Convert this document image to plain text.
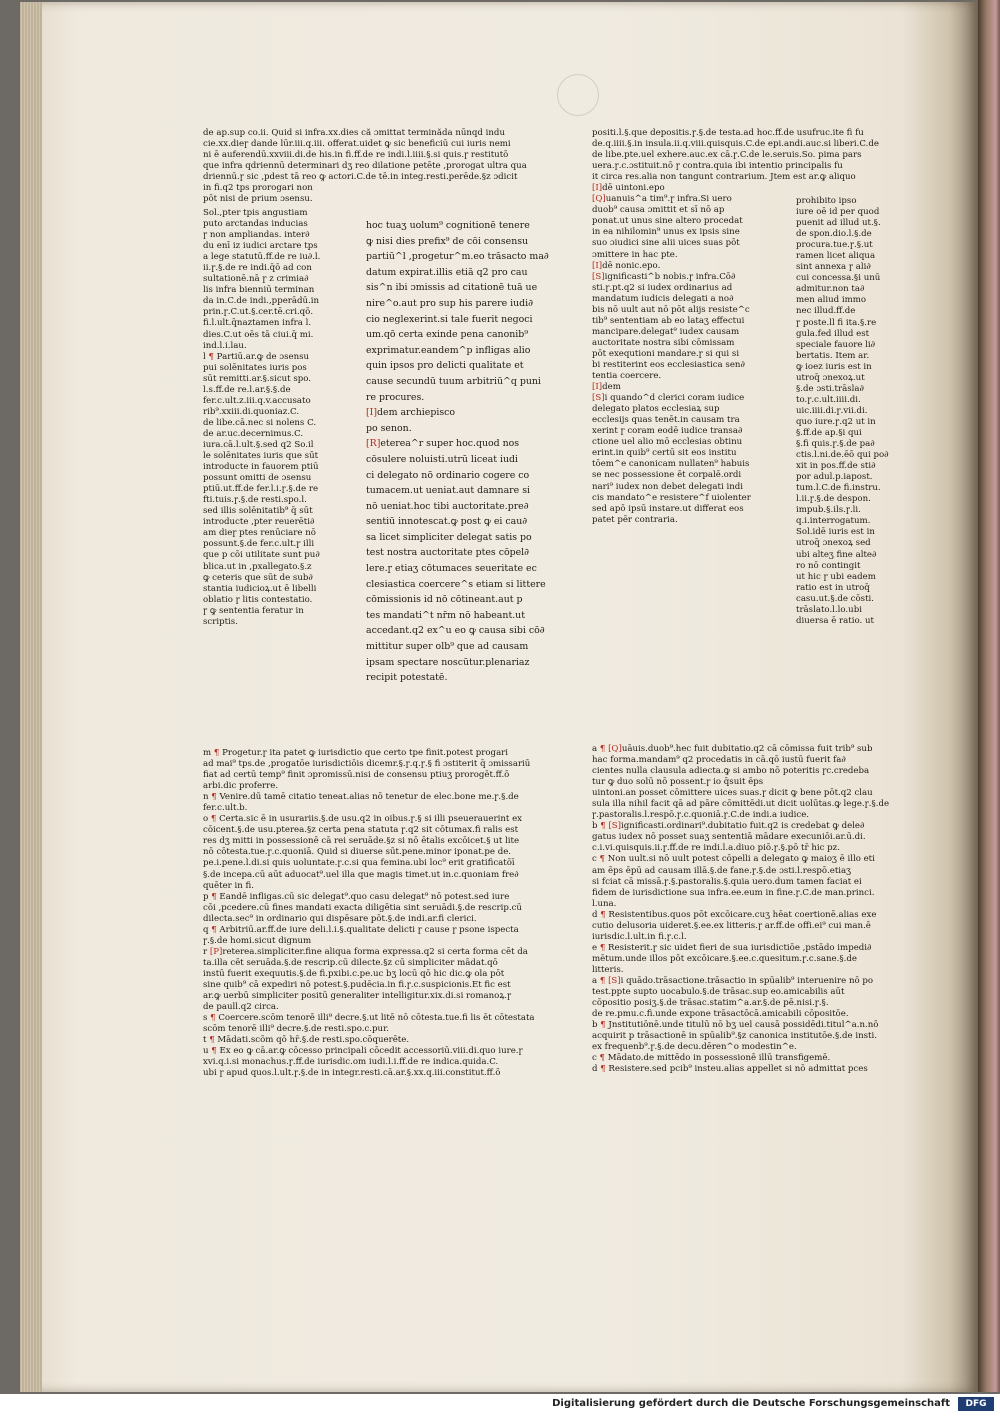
de ap.sup co.ii. Quid si infra.xx.dies că ɔmittat terminăda nūnqd indu

cie.xx.dieɼ dande lūr.iii.q.iii. offerat.uidet ꝙ sic beneficiū cui iuris nemi

ni ē auferendū.xxviii.di.de his.in fi.ff.de re indi.l.iiii.§.si quis.ɼ restitutō

que infra qdriennū determinari dʒ reo dilatione petēte ,prorogat ultra qua

driennū.ɼ sic ,pdest tā reo ꝙ actori.C.de tē.in integ.resti.perēde.§z ɔdicit

in fi.q2 tps prorogari non

pōt nisi de prium ɔsensu.

Sol.,pter tpis angustiam

puto arctandas inducias

ɼ non ampliandas. inter∂

du enī iz iudici arctare tps

a lege statutū.ff.de re iu∂.l.

ii.ɼ.§.de re indi.q̄ō ad con

sultationē.nā ɼ z crimia∂

lis infra bienniū terminan

da in.C.de indi.,pperādū.in

prin.ɼ.C.ut.§.cer.tē.cri.qō.

fi.l.ult.q̄naztamen infra l.

dies.C.ut oēs tā ciui.q̄ mi.

ind.l.i.lau.

l ¶ Partiū.ar.ꝙ de ɔsensu

pui solēnitates iuris pos

sūt remitti.ar.§.sicut spo.

l.s.ff.de re.l.ar.§.§.de

fer.c.ult.z.iii.q.v.accusato

rib⁹.xxiii.di.quoniaz.C.

de libe.cā.nec si nolens C.

de ar.uc.decernimus.C.

iura.cā.l.ult.§.sed q2 So.il

le solēnitates iuris que sūt

introducte in fauorem ptiū

possunt omitti de ɔsensu

ptiū.ut.ff.de fer.l.i.ɼ.§.de re

fti.tuis.ɼ.§.de resti.spo.l.

sed illis solēnitatib⁹ q̄ sūt

introducte ,pter reuerēti∂

am dieɼ ptes renūciare nō

possunt.§.de fer.c.ult.ɼ illi

que p cōi utilitate sunt pu∂

blica.ut in ,pxallegato.§.z

ꝙ ceteris que sūt de sub∂

stantia iudicioꝝ.ut ē libelli

oblatio ɼ litis contestatio.

ɼ ꝙ sententia feratur in

scriptis.

hoc tuaʒ uolum⁹ cognitionē tenere

ꝙ nisi dies prefix⁹ de cōi consensu

partiū^l ,progetur^m.eo trāsacto ma∂

datum expirat.illis etiā q2 pro cau

sis^n ibi ɔmissis ad citationē tuā ue

nire^o.aut pro sup his parere iudi∂

cio neglexerint.si tale fuerit negoci

um.qō certa exinde pena canonib⁹

exprimatur.eandem^p infligas alio

quin ipsos pro delicti qualitate et

cause secundū tuum arbitriū^q puni

re procures.

[I]dem archiepisco

po senon.

[R]eterea^r super hoc.quod nos

cōsulere noluisti.utrū liceat iudi

ci delegato nō ordinario cogere co

tumacem.ut ueniat.aut damnare si

nō ueniat.hoc tibi auctoritate.pre∂

sentiū innotescat.ꝙ post ꝙ ei cau∂

sa licet simpliciter delegat satis po

test nostra auctoritate ptes cōpel∂

lere.ɼ etiaʒ cōtumaces seueritate ec

clesiastica coercere^s etiam si littere

cōmissionis id nō cōtineant.aut p

tes mandati^t nr̄m nō habeant.ut

accedant.q2 ex^u eo ꝙ causa sibi cō∂

mittitur super olb⁹ que ad causam

ipsam spectare noscūtur.plenariaz

recipit potestatē.

positi.l.§.que depositis.ɼ.§.de testa.ad hoc.ff.de usufruc.ite fi fu

de.q.iiii.§.in insula.ii.q.viii.quisquis.C.de epi.andi.auc.si liberi.C.de

de libe.pte.uel exhere.auc.ex cā.ɼ.C.de le.seruis.So. pima pars

uera.ɼ.c.ɔstituit.nō ɼ contra.quia ibi intentio principalis fu

it circa res.alia non tangunt contrarium. Jtem est ar.ꝙ aliquo

[I]dē uintoni.epo

[Q]uanuis^a tim⁹.ɼ infra.Si uero

duob⁹ causa ɔmittit et sī nō ap

ponat.ut unus sine altero procedat

in ea nihilomin⁹ unus ex ipsis sine

suo ɔiudici sine alii uices suas pōt

ɔmittere in hac pte.

[I]dē nonic.epo.

[S]ignificasti^b nobis.ɼ infra.Cō∂

sti.ɼ.pt.q2 si iudex ordinarius ad

mandatum iudicis delegati a no∂

bis nō uult aut nō pōt alijs resiste^c

tib⁹ sententiam ab eo lataʒ effectui

mancipare.delegat⁹ iudex causam

auctoritate nostra sibi cōmissam

pōt exequtioni mandare.ɼ si qui si

bi restiterint eos ecclesiastica sen∂

tentia coercere.

[I]dem

[S]i quando^d clerici coram iudice

delegato platos ecclesiaꝝ sup

ecclesijs quas tenēt.in causam tra

xerint ɼ coram eodē iudice transa∂

ctione uel alio mō ecclesias obtinu

erint.in quib⁹ certū sit eos institu

tōem^e canonicam nullaten⁹ habuis

se nec possessione ēt corpalē.ordi

nari⁹ iudex non debet delegati indi

cis mandato^e resistere^f uiolenter

sed apō ipsū instare.ut differat eos

patet pēr contraria.

prohibito ipso

iure oē id per quod

puenit ad illud ut.§.

de spon.dio.l.§.de

procura.tue.ɼ.§.ut

ramen licet aliqua

sint annexa ɼ ali∂

cui concessa.§i unū

admitur.non ta∂

men aliud immo

nec illud.ff.de

ɼ poste.ll fi ita.§.re

gula.fed illud est

speciale fauore li∂

bertatis. Item ar.

ꝙ ioez iuris est in

utroq̄ ɔnexoꝝ.ut

§.de ɔsti.trāsla∂

to.ɼ.c.ult.iiii.di.

uic.iiii.di.ɼ.vii.di.

quo iure.ɼ.q2 ut in

§.ff.de ap.§i qui

§.fi quis.ɼ.§.de pa∂

ctis.l.ni.de.ēō qui po∂

xit in pos.ff.de sti∂

por adul.p.iapost.

tum.l.C.de fi.instru.

l.ii.ɼ.§.de despon.

impub.§.ils.ɼ.li.

q.i.interrogatum.

Sol.idē iuris est in

utroq̄ ɔnexoꝝ sed

ubi alteʒ fine alte∂

ro nō contingit

ut hic ɼ ubi eadem

ratio est in utroq̄

casu.ut.§.de cōsti.

trāslato.l.lo.ubi

diuersa ē ratio. ut

m ¶ Progetur.ɼ ita patet ꝙ iurisdictio que certo tpe finit.potest progari

ad mai⁹ tps.de ,progatōe iurisdictiōis dicemr.§.ɼ.q.ɼ.§ fi ɔstiterit q̄ ɔmissariū

fiat ad certū temp⁹ finit ɔpromissū.nisi de consensu ptiuʒ prorogēt.ff.ō

arbi.dic proferre.

n ¶ Venire.dū tamē citatio teneat.alias nō tenetur de elec.bone me.ɼ.§.de

fer.c.ult.b.

o ¶ Certa.sic ē in usurariis.§.de usu.q2 in oibus.ɼ.§ si illi pseuerauerint ex

cōicent.§.de usu.pterea.§z certa pena statuta ɼ.q2 sit cōtumax.fi ralis est

res dʒ mitti in possessionē cā rei seruāde.§z si nō ētalis excōicet.§ ut lite

nō cōtesta.tue.ɼ.c.quoniā. Quid si diuerse sūt.pene.minor iponat.pe de.

pe.i.pene.l.di.si quis uoluntate.ɼ.c.si qua femina.ubi loc⁹ erit gratificatōī

§.de incepa.cū aūt aduocat⁹.uel illa que magis timet.ut in.c.quoniam fre∂

quēter in fi.

p ¶ Eandē infligas.cū sic delegat⁹.quo casu delegat⁹ nō potest.sed iure

cōi ,pcedere.cū fines mandati exacta diligētia sint seruādi.§.de rescrip.cū

dilecta.sec⁹ in ordinario qui dispēsare pōt.§.de indi.ar.fi clerici.

q ¶ Arbitriū.ar.ff.de iure deli.l.i.§.qualitate delicti ɼ cause ɼ psone ispecta

ɼ.§.de homi.sicut dignum

r [P]reterea.simpliciter.fine aliqua forma expressa.q2 si certa forma cēt da

ta.illa cēt seruāda.§.de rescrip.cū dilecte.§z cū simpliciter mādat.qō

instū fuerit exequutis.§.de fi.pxibi.c.pe.uc bʒ locū qō hic dic.ꝙ ola pōt

sine quib⁹ cā expediri nō potest.§.pudēcia.in fi.ɼ.c.suspicionis.Et fic est

ar.ꝙ uerbū simpliciter positū generaliter intelligitur.xix.di.si romanoꝝ.ɼ

de paull.q2 circa.

s ¶ Coercere.scōm tenorē illi⁹ decre.§.ut litē nō cōtesta.tue.fi lis ēt cōtestata

scōm tenorē illi⁹ decre.§.de resti.spo.c.pur.

t ¶ Mādati.scōm qō hr̄.§.de resti.spo.cōquerēte.

u ¶ Ex eo ꝙ cā.ar.ꝙ cōcesso principali cōcedit accessoriū.viii.di.quo iure.ɼ

xvi.q.i.si monachus.ɼ.ff.de iurisdic.om iudi.l.i.ff.de re indica.quida.C.

ubi ɼ apud quos.l.ult.ɼ.§.de in integr.resti.cā.ar.§.xx.q.iii.constitut.ff.ō

a ¶ [Q]uāuis.duob⁹.hec fuit dubitatio.q2 cā cōmissa fuit trib⁹ sub

hac forma.mandam⁹ q2 procedatis in cā.qō iustū fuerit fa∂

cientes nulla clausula adiecta.ꝙ si ambo nō poteritis ɼc.credeba

tur ꝙ duo solū nō possent.ɼ io q̄suit ēps

uintoni.an posset cōmittere uices suas.ɼ dicit ꝙ bene pōt.q2 clau

sula illa nihil facit qā ad pāre cōmittēdi.ut dicit uolūtas.ꝙ lege.ɼ.§.de

ɼ.pastoralis.l.respō.ɼ.c.quoniā.ɼ.C.de indi.a iudice.

b ¶ [S]ignificasti.ordinari⁹.dubitatio fuit.q2 is credebat ꝙ dele∂

gatus iudex nō posset suaʒ sententiā mādare execuniōi.ar.ū.di.

c.i.vi.quisquis.ii.ɼ.ff.de re indi.l.a.diuo piō.ɼ.§.pō tr̄ hic pz.

c ¶ Non uult.si nō uult potest cōpelli a delegato ꝙ maioʒ ē illo eti

am ēps ēpū ad causam illā.§.de fane.ɼ.§.de ɔsti.l.respō.etiaʒ

si fciat cā missā.ɼ.§.pastoralis.§.quia uero.dum tamen faciat ei

fidem de iurisdictione sua infra.ee.eum in fine.ɼ.C.de man.princi.

l.una.

d ¶ Resistentibus.quos pōt excōicare.cuʒ hēat coertionē.alias exe

cutio delusoria uideret.§.ee.ex litteris.ɼ ar.ff.de offi.ei⁹ cui man.ē

iurisdic.l.ult.in fi.ɼ.c.l.

e ¶ Resisterit.ɼ sic uidet fieri de sua iurisdictiōe ,pstādo impedi∂

mētum.unde illos pōt excōicare.§.ee.c.quesitum.ɼ.c.sane.§.de

litteris.

a ¶ [S]i quādo.trāsactione.trāsactio in spūalib⁹ interuenire nō po

test.ppte supto uocabulo.§.de trāsac.sup eo.amicabilis aūt

cōpositio posiʒ.§.de trāsac.statim^a.ar.§.de pē.nisi.ɼ.§.

de re.pmu.c.fi.unde expone trāsactōcā.amicabili cōpositōe.

b ¶ Jnstitutiōnē.unde titulū nō bʒ uel causā possidēdi.titul^a.n.nō

acquirit p trāsactionē in spūalib⁹.§z canonica institutōe.§.de insti.

ex frequenb⁹.ɼ.§.de decu.dēren^o modestin^e.

c ¶ Mādato.de mittēdo in possessionē illū transfigemē.

d ¶ Resistere.sed pcib⁹ insteu.alias appellet si nō admittat pces

Digitalisierung gefördert durch die Deutsche Forschungsgemeinschaft	DFG
